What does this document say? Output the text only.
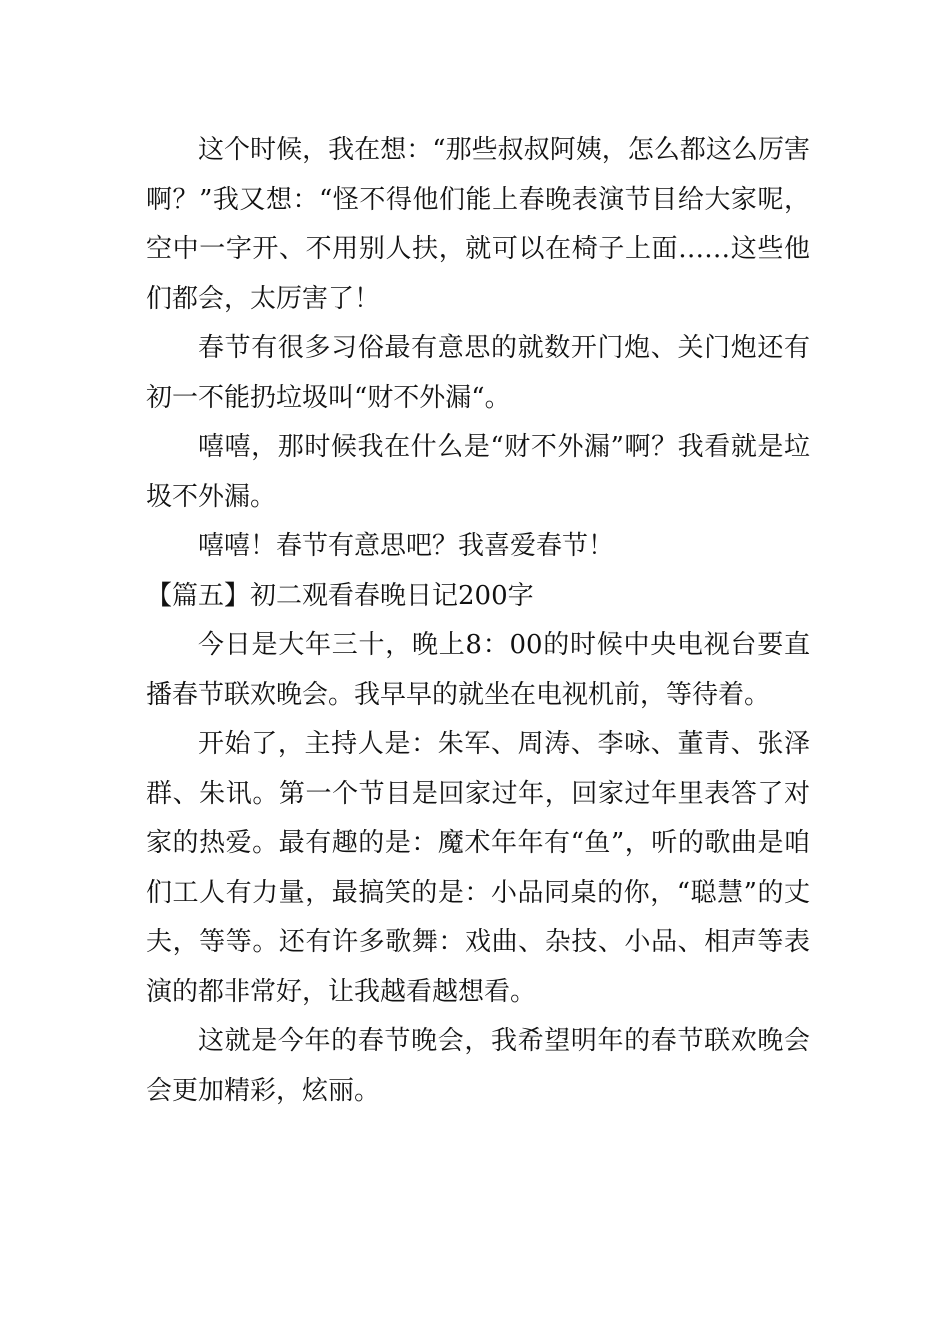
这个时候，我在想：“那些叔叔阿姨，怎么都这么厉害啊？”我又想：“怪不得他们能上春晚表演节目给大家呢，空中一字开、不用别人扶，就可以在椅子上面……这些他们都会，太厉害了！

春节有很多习俗最有意思的就数开门炮、关门炮还有初一不能扔垃圾叫“财不外漏“。

嘻嘻，那时候我在什么是“财不外漏”啊？我看就是垃圾不外漏。

嘻嘻！春节有意思吧？我喜爱春节！

【篇五】初二观看春晚日记200字

今日是大年三十，晚上8：00的时候中央电视台要直播春节联欢晚会。我早早的就坐在电视机前，等待着。

开始了，主持人是：朱军、周涛、李咏、董青、张泽群、朱讯。第一个节目是回家过年，回家过年里表答了对家的热爱。最有趣的是：魔术年年有“鱼”，听的歌曲是咱们工人有力量，最搞笑的是：小品同桌的你，“聪慧”的丈夫，等等。还有许多歌舞：戏曲、杂技、小品、相声等表演的都非常好，让我越看越想看。

这就是今年的春节晚会，我希望明年的春节联欢晚会会更加精彩，炫丽。
